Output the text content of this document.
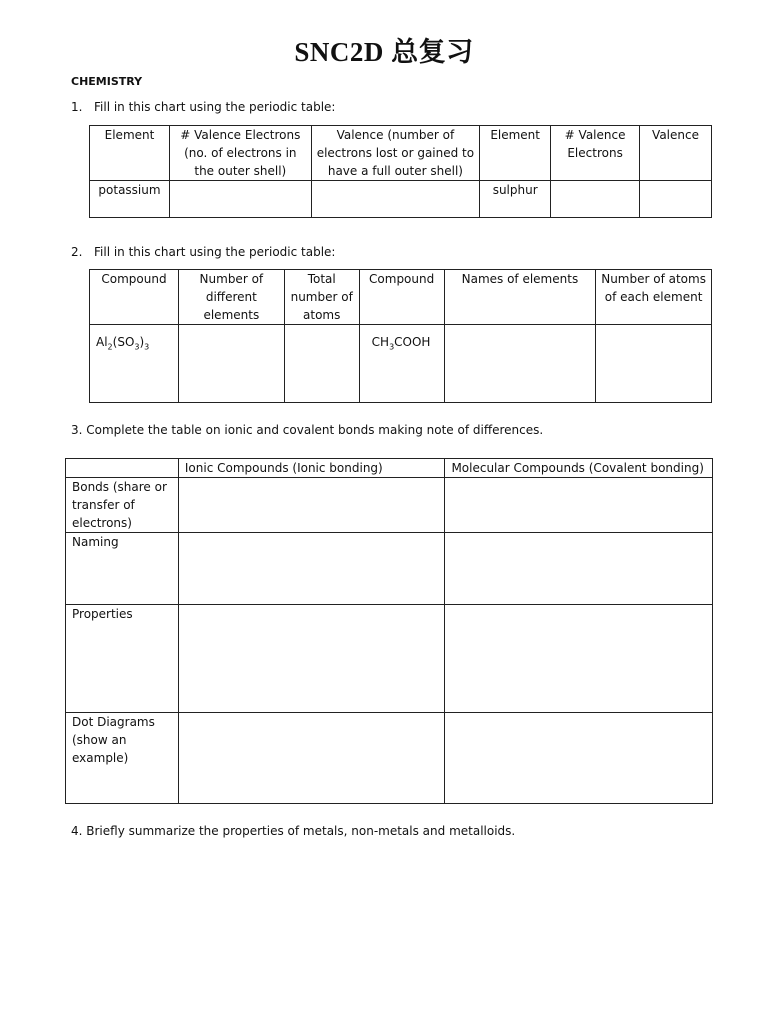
SNC2D 总复习
CHEMISTRY
1. Fill in this chart using the periodic table:
Element	# Valence Electrons (no. of electrons in the outer shell)	Valence (number of electrons lost or gained to have a full outer shell)	Element	# Valence Electrons	Valence
potassium			sulphur		
2. Fill in this chart using the periodic table:
Compound	Number of different elements	Total number of atoms	Compound	Names of elements	Number of atoms of each element
$Al_2(SO_3)_3$			$CH_3COOH$		
3. Complete the table on ionic and covalent bonds making note of differences.
	Ionic Compounds (Ionic bonding)	Molecular Compounds (Covalent bonding)
Bonds (share or transfer of electrons)		
Naming		
Properties		
Dot Diagrams (show an example)		
4. Briefly summarize the properties of metals, non-metals and metalloids.
